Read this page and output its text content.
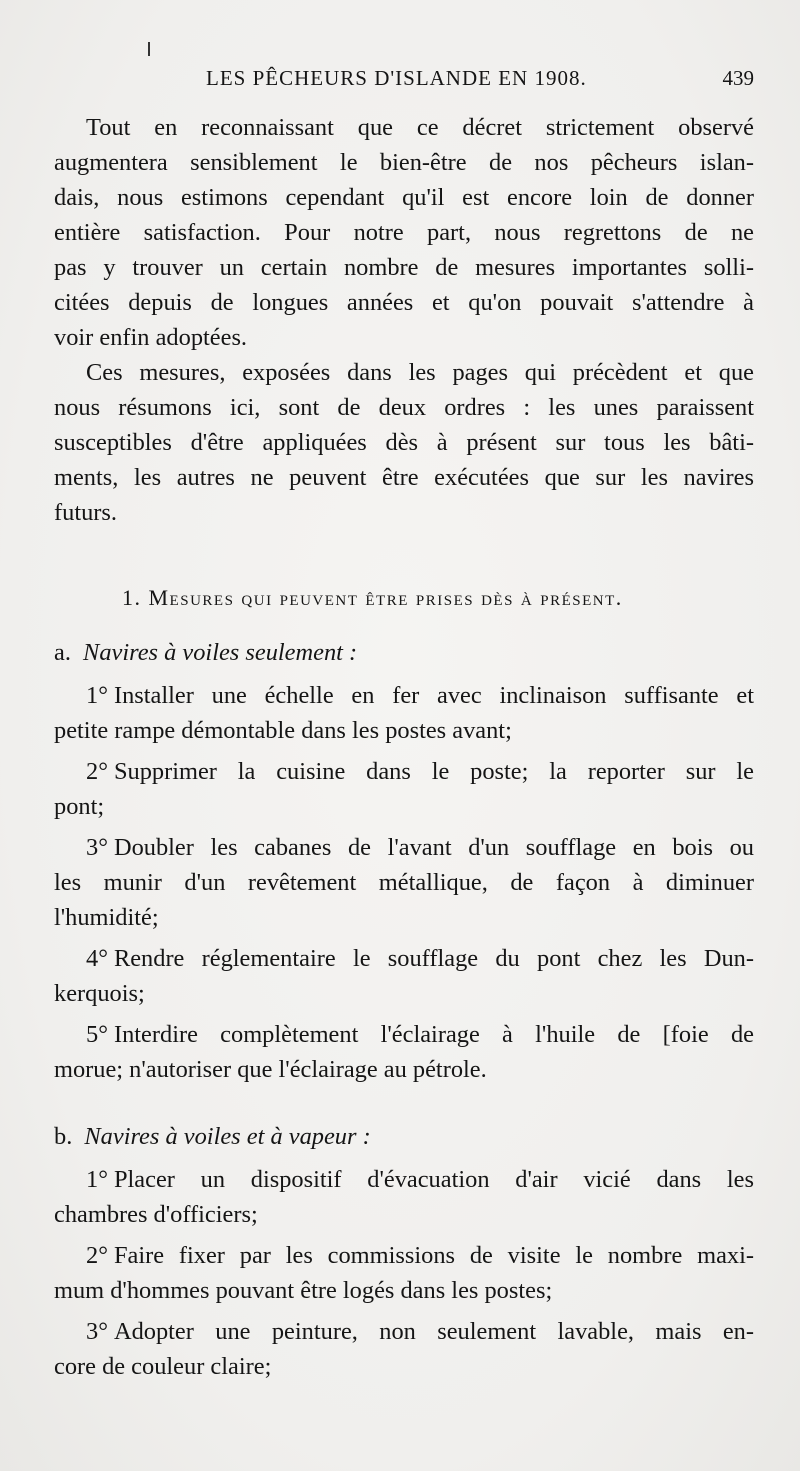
LES PÊCHEURS D'ISLANDE EN 1908.	439

Tout en reconnaissant que ce décret strictement observé
augmentera sensiblement le bien-être de nos pêcheurs islan-
dais, nous estimons cependant qu'il est encore loin de donner
entière satisfaction. Pour notre part, nous regrettons de ne
pas y trouver un certain nombre de mesures importantes solli-
citées depuis de longues années et qu'on pouvait s'attendre à
voir enfin adoptées.

Ces mesures, exposées dans les pages qui précèdent et que
nous résumons ici, sont de deux ordres : les unes paraissent
susceptibles d'être appliquées dès à présent sur tous les bâti-
ments, les autres ne peuvent être exécutées que sur les navires
futurs.

1. Mesures qui peuvent être prises dès à présent.
a. Navires à voiles seulement :
1° Installer une échelle en fer avec inclinaison suffisante et
petite rampe démontable dans les postes avant;
2° Supprimer la cuisine dans le poste; la reporter sur le
pont;
3° Doubler les cabanes de l'avant d'un soufflage en bois ou
les munir d'un revêtement métallique, de façon à diminuer
l'humidité;
4° Rendre réglementaire le soufflage du pont chez les Dun-
kerquois;
5° Interdire complètement l'éclairage à l'huile de [foie de
morue; n'autoriser que l'éclairage au pétrole.
b. Navires à voiles et à vapeur :
1° Placer un dispositif d'évacuation d'air vicié dans les
chambres d'officiers;
2° Faire fixer par les commissions de visite le nombre maxi-
mum d'hommes pouvant être logés dans les postes;
3° Adopter une peinture, non seulement lavable, mais en-
core de couleur claire;
